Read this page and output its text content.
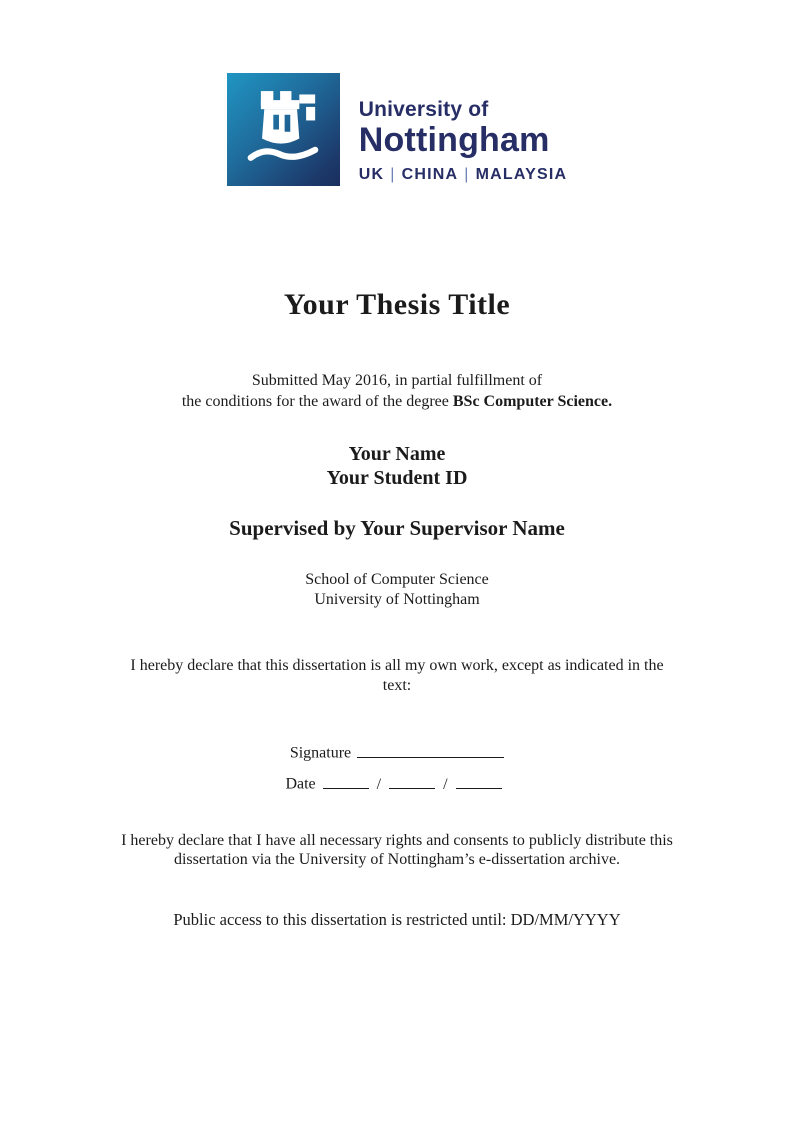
University of
Nottingham
UK | CHINA | MALAYSIA
Your Thesis Title
Submitted May 2016, in partial fulfillment of
the conditions for the award of the degree BSc Computer Science.
Your Name
Your Student ID
Supervised by Your Supervisor Name
School of Computer Science
University of Nottingham
I hereby declare that this dissertation is all my own work, except as indicated in the
text:
Signature
Date	/	/
I hereby declare that I have all necessary rights and consents to publicly distribute this
dissertation via the University of Nottingham’s e-dissertation archive.
Public access to this dissertation is restricted until: DD/MM/YYYY
